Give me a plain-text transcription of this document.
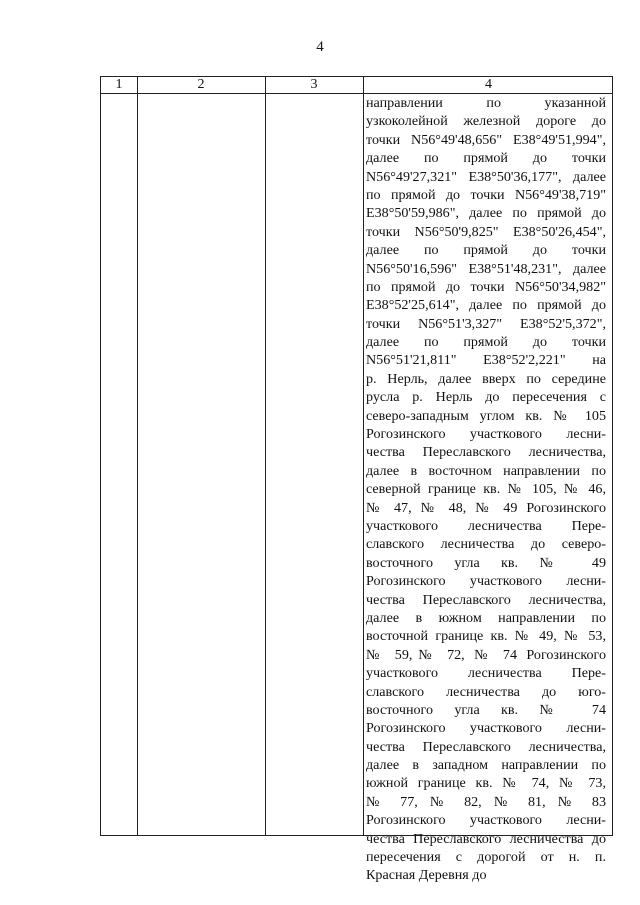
4
1	2	3	4
направлении по указанной
узкоколейной железной дороге до
точки N56°49'48,656" E38°49'51,994",
далее по прямой до точки
N56°49'27,321" E38°50'36,177", далее
по прямой до точки N56°49'38,719"
E38°50'59,986", далее по прямой до
точки N56°50'9,825" E38°50'26,454",
далее по прямой до точки
N56°50'16,596" E38°51'48,231", далее
по прямой до точки N56°50'34,982"
E38°52'25,614", далее по прямой до
точки N56°51'3,327" E38°52'5,372",
далее по прямой до точки
N56°51'21,811" E38°52'2,221" на
р. Нерль, далее вверх по середине
русла р. Нерль до пересечения с
северо-западным углом кв. № 105
Рогозинского участкового лесни-
чества Переславского лесничества,
далее в восточном направлении по
северной границе кв. № 105, № 46,
№ 47, № 48, № 49 Рогозинского
участкового лесничества Пере-
славского лесничества до северо-
восточного угла кв. № 49
Рогозинского участкового лесни-
чества Переславского лесничества,
далее в южном направлении по
восточной границе кв. № 49, № 53,
№ 59,№ 72, № 74 Рогозинского
участкового лесничества Пере-
славского лесничества до юго-
восточного угла кв. № 74
Рогозинского участкового лесни-
чества Переславского лесничества,
далее в западном направлении по
южной границе кв. № 74, № 73,
№ 77, № 82, № 81, № 83
Рогозинского участкового лесни-
чества Переславского лесничества до
пересечения с дорогой от н. п.
Красная Деревня до
